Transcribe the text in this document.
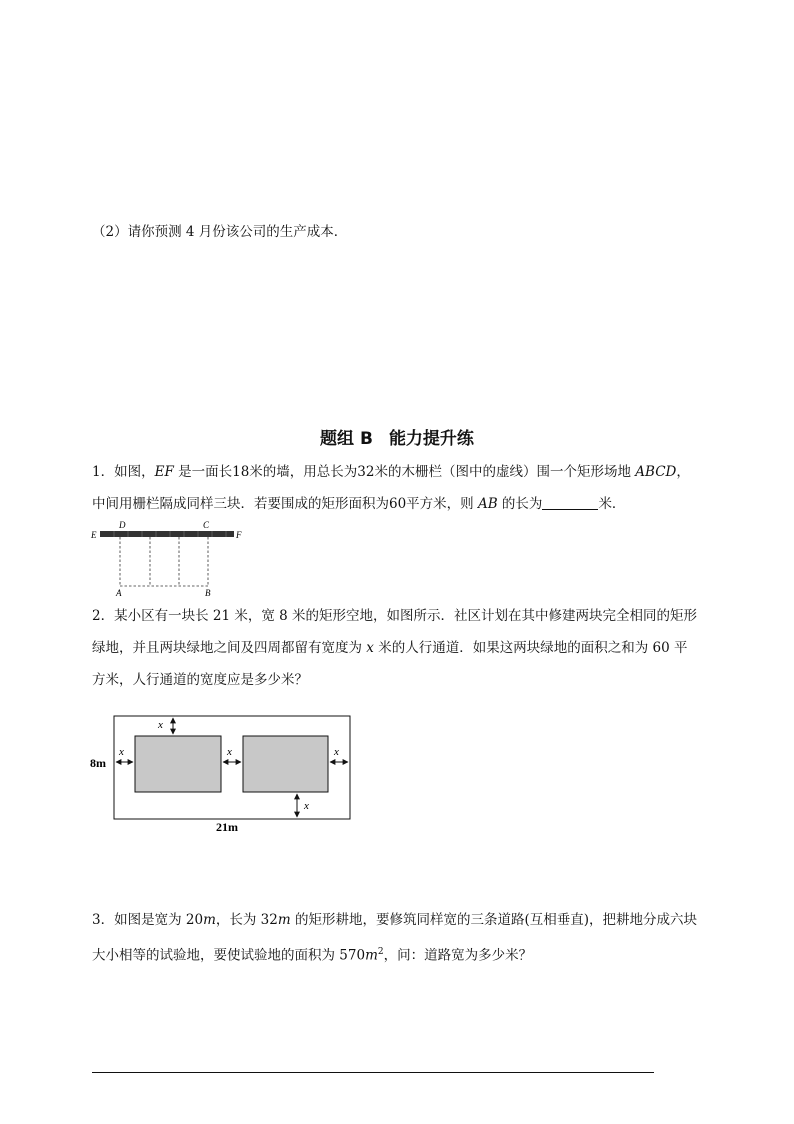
（2）请你预测 4 月份该公司的生产成本．
题组 B 能力提升练
1．如图，EF 是一面长18米的墙，用总长为32米的木栅栏（图中的虚线）围一个矩形场地 ABCD，
中间用栅栏隔成同样三块．若要围成的矩形面积为60平方米，则 AB 的长为	米．
E
D	C
F
A	B
2．某小区有一块长 21 米，宽 8 米的矩形空地，如图所示．社区计划在其中修建两块完全相同的矩形
绿地，并且两块绿地之间及四周都留有宽度为 x 米的人行通道．如果这两块绿地的面积之和为 60 平
方米，人行通道的宽度应是多少米？
x
x	x	x
x
8m
21m
3．如图是宽为 20m，长为 32m 的矩形耕地，要修筑同样宽的三条道路(互相垂直)，把耕地分成六块
大小相等的试验地，要使试验地的面积为 $570m^2$，问：道路宽为多少米？
